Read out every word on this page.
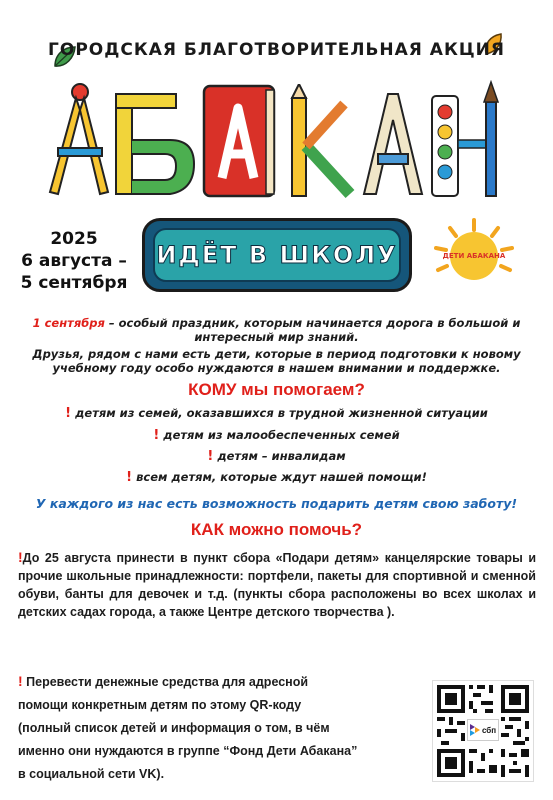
ГОРОДСКАЯ БЛАГОТВОРИТЕЛЬНАЯ АКЦИЯ
2025
6 августа –
5 сентября
ИДЁТ В ШКОЛУ	ДЕТИ АБАКАНА
1 сентября – особый праздник, которым начинается дорога в большой и интересный мир знаний.
Друзья, рядом с нами есть дети, которые в период подготовки к новому учебному году особо нуждаются в нашем внимании и поддержке.
КОМУ мы помогаем?
! детям из семей, оказавшихся в трудной жизненной ситуации
! детям из малообеспеченных семей
! детям – инвалидам
! всем детям, которые ждут нашей помощи!
У каждого из нас есть возможность подарить детям свою заботу!
КАК можно помочь?
!До 25 августа принести в пункт сбора «Подари детям» канцелярские товары и прочие школьные принадлежности: портфели, пакеты для спортивной и сменной обуви, банты для девочек и т.д. (пункты сбора расположены во всех школах и детских садах города, а также Центре детского творчества ).
! Перевести денежные средства для адресной
помощи конкретным детям по этому QR-коду
(полный список детей и информация о том, в чём
именно они нуждаются в группе “Фонд Дети Абакана”
в социальной сети VK).
сбп
